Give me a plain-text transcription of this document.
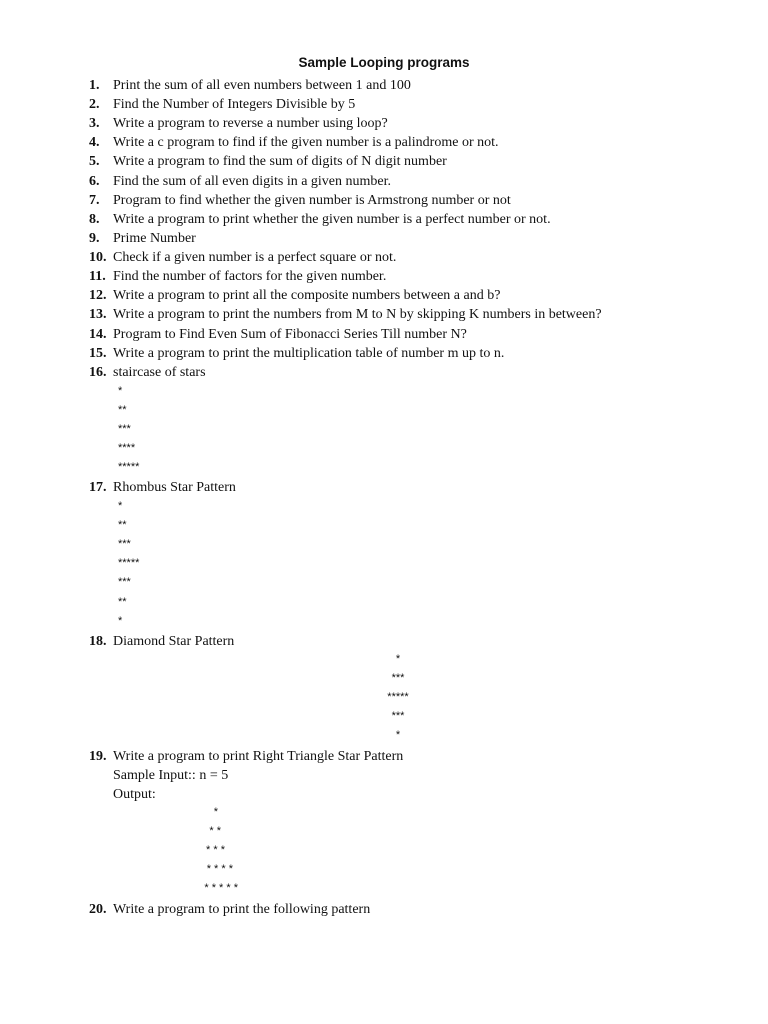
Sample Looping programs
1. Print the sum of all even numbers between 1 and 100
2. Find the Number of Integers Divisible by 5
3. Write a program to reverse a number using loop?
4. Write a c program to find if the given number is a palindrome or not.
5. Write a program to find the sum of digits of N digit number
6. Find the sum of all even digits in a given number.
7. Program to find whether the given number is Armstrong number or not
8. Write a program to print whether the given number is a perfect number or not.
9. Prime Number
10. Check if a given number is a perfect square or not.
11. Find the number of factors for the given number.
12. Write a program to print all the composite numbers between a and b?
13. Write a program to print the numbers from M to N by skipping K numbers in between?
14. Program to Find Even Sum of Fibonacci Series Till number N?
15. Write a program to print the multiplication table of number m up to n.
16. staircase of stars
*
**
***
****
*****
17. Rhombus Star Pattern
*
**
***
*****
***
**
*
18. Diamond Star Pattern
*
***
*****
***
*
19. Write a program to print Right Triangle Star Pattern
Sample Input:: n = 5
Output:
*
* *
* * *
* * * *
* * * * *
20. Write a program to print the following pattern
